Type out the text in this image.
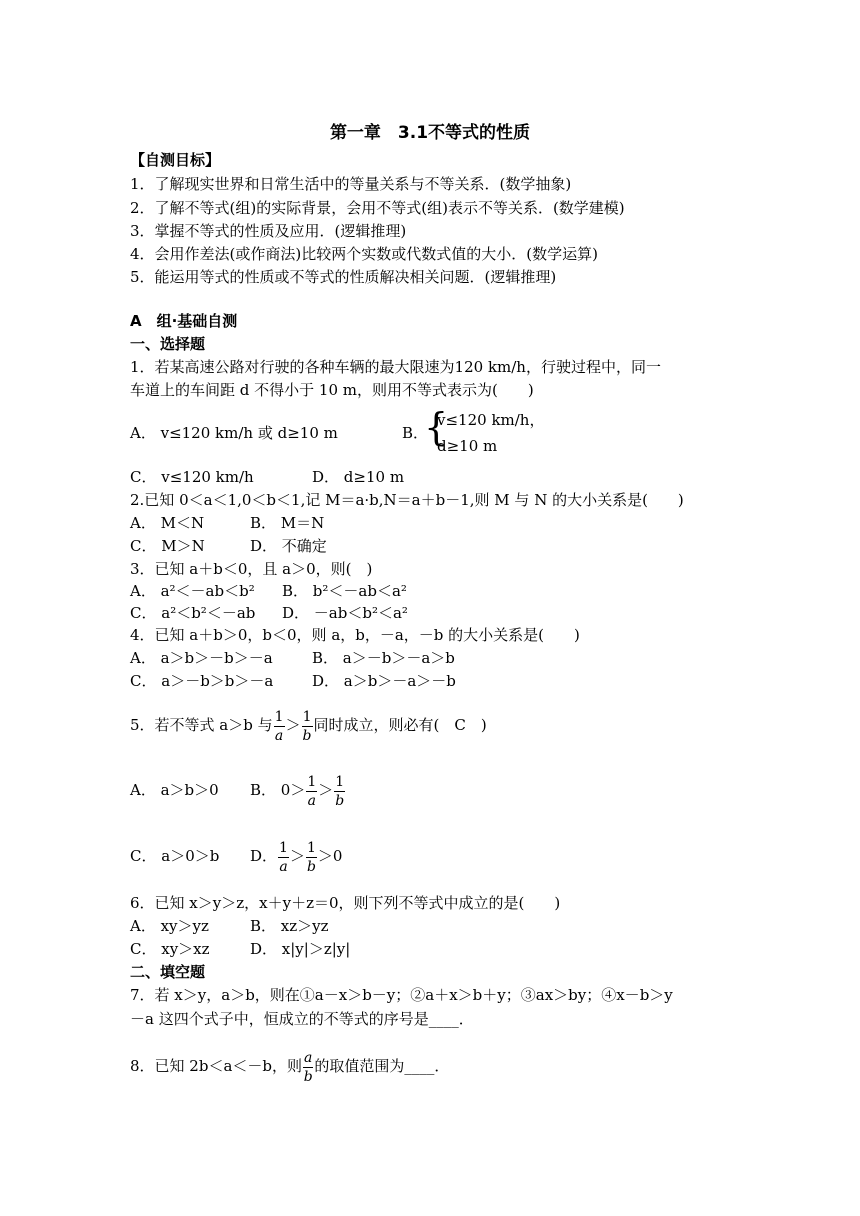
第一章　3.1不等式的性质
【自测目标】
1．了解现实世界和日常生活中的等量关系与不等关系．(数学抽象)
2．了解不等式(组)的实际背景，会用不等式(组)表示不等关系．(数学建模)
3．掌握不等式的性质及应用．(逻辑推理)
4．会用作差法(或作商法)比较两个实数或代数式值的大小．(数学运算)
5．能运用等式的性质或不等式的性质解决相关问题．(逻辑推理)
A　组·基础自测
一、选择题
1．若某高速公路对行驶的各种车辆的最大限速为120 km/h，行驶过程中，同一
车道上的车间距 d 不得小于 10 m，则用不等式表示为(　　)
A． v≤120 km/h 或 d≥10 m	B．
{
v≤120 km/h，
d≥10 m
C． v≤120 km/h	D． d≥10 m
2.已知 0＜a＜1,0＜b＜1,记 M＝a·b,N＝a＋b－1,则 M 与 N 的大小关系是(　　)
A． M＜N	B． M＝N
C． M＞N	D． 不确定
3．已知 a＋b＜0，且 a＞0，则(　)
A． a²＜－ab＜b² B． b²＜－ab＜a²
C． a²＜b²＜－ab D． －ab＜b²＜a²
4．已知 a＋b＞0，b＜0，则 a，b，－a，－b 的大小关系是(　　)
A． a＞b＞－b＞－a	B． a＞－b＞－a＞b
C． a＞－b＞b＞－a	D． a＞b＞－a＞－b
5．若不等式 a＞b 与 $\frac{1}{a} > \frac{1}{b}$ 同时成立，则必有(　C　)
A． a＞b＞0 B． $0> \frac{1}{a} > \frac{1}{b}$
C． a＞0＞b D． $\frac{1}{a} > \frac{1}{b} >0$
6．已知 x＞y＞z，x＋y＋z＝0，则下列不等式中成立的是(　　)
A． xy＞yz	B． xz＞yz
C． xy＞xz	D． x|y|＞z|y|
二、填空题
7．若 x＞y，a＞b，则在①a－x＞b－y；②a＋x＞b＋y；③ax＞by；④x－b＞y
－a 这四个式子中，恒成立的不等式的序号是____．
8．已知 2b＜a＜－b，则 $\frac{a}{b}$ 的取值范围为____．
